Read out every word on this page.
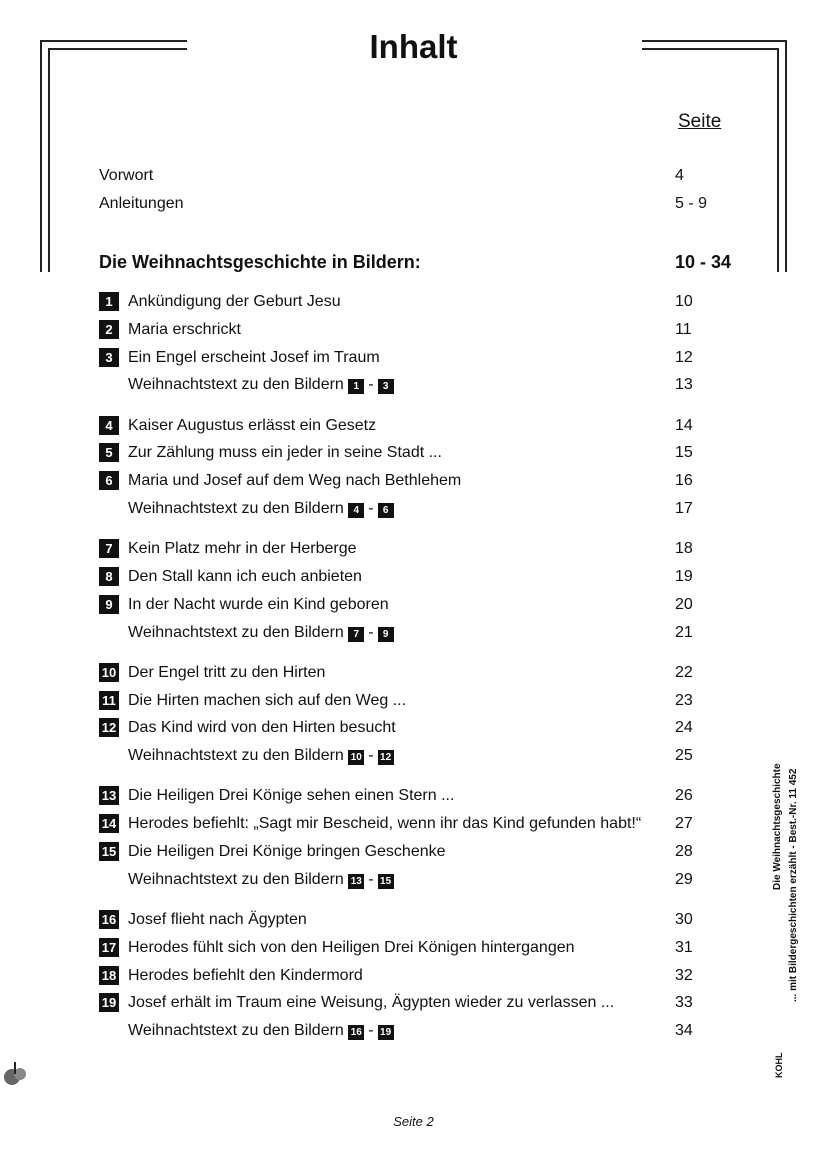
Inhalt
Seite
Vorwort	4
Anleitungen	5 - 9
Die Weihnachtsgeschichte in Bildern:	10 - 34
1 Ankündigung der Geburt Jesu	10
2 Maria erschrickt	11
3 Ein Engel erscheint Josef im Traum	12
Weihnachtstext zu den Bildern 1 - 3	13
4 Kaiser Augustus erlässt ein Gesetz	14
5 Zur Zählung muss ein jeder in seine Stadt ...	15
6 Maria und Josef auf dem Weg nach Bethlehem	16
Weihnachtstext zu den Bildern 4 - 6	17
7 Kein Platz mehr in der Herberge	18
8 Den Stall kann ich euch anbieten	19
9 In der Nacht wurde ein Kind geboren	20
Weihnachtstext zu den Bildern 7 - 9	21
10 Der Engel tritt zu den Hirten	22
11 Die Hirten machen sich auf den Weg ...	23
12 Das Kind wird von den Hirten besucht	24
Weihnachtstext zu den Bildern 10 - 12	25
13 Die Heiligen Drei Könige sehen einen Stern ...	26
14 Herodes befiehlt: „Sagt mir Bescheid, wenn ihr das Kind gefunden habt!“ 27
15 Die Heiligen Drei Könige bringen Geschenke	28
Weihnachtstext zu den Bildern 13 - 15	29
16 Josef flieht nach Ägypten	30
17 Herodes fühlt sich von den Heiligen Drei Königen hintergangen	31
18 Herodes befiehlt den Kindermord	32
19 Josef erhält im Traum eine Weisung, Ägypten wieder zu verlassen ...	33
Weihnachtstext zu den Bildern 16 - 19	34
Seite 2
Die Weihnachtsgeschichte ... mit Bildergeschichten erzählt - Best.-Nr. 11 452
KOHL
